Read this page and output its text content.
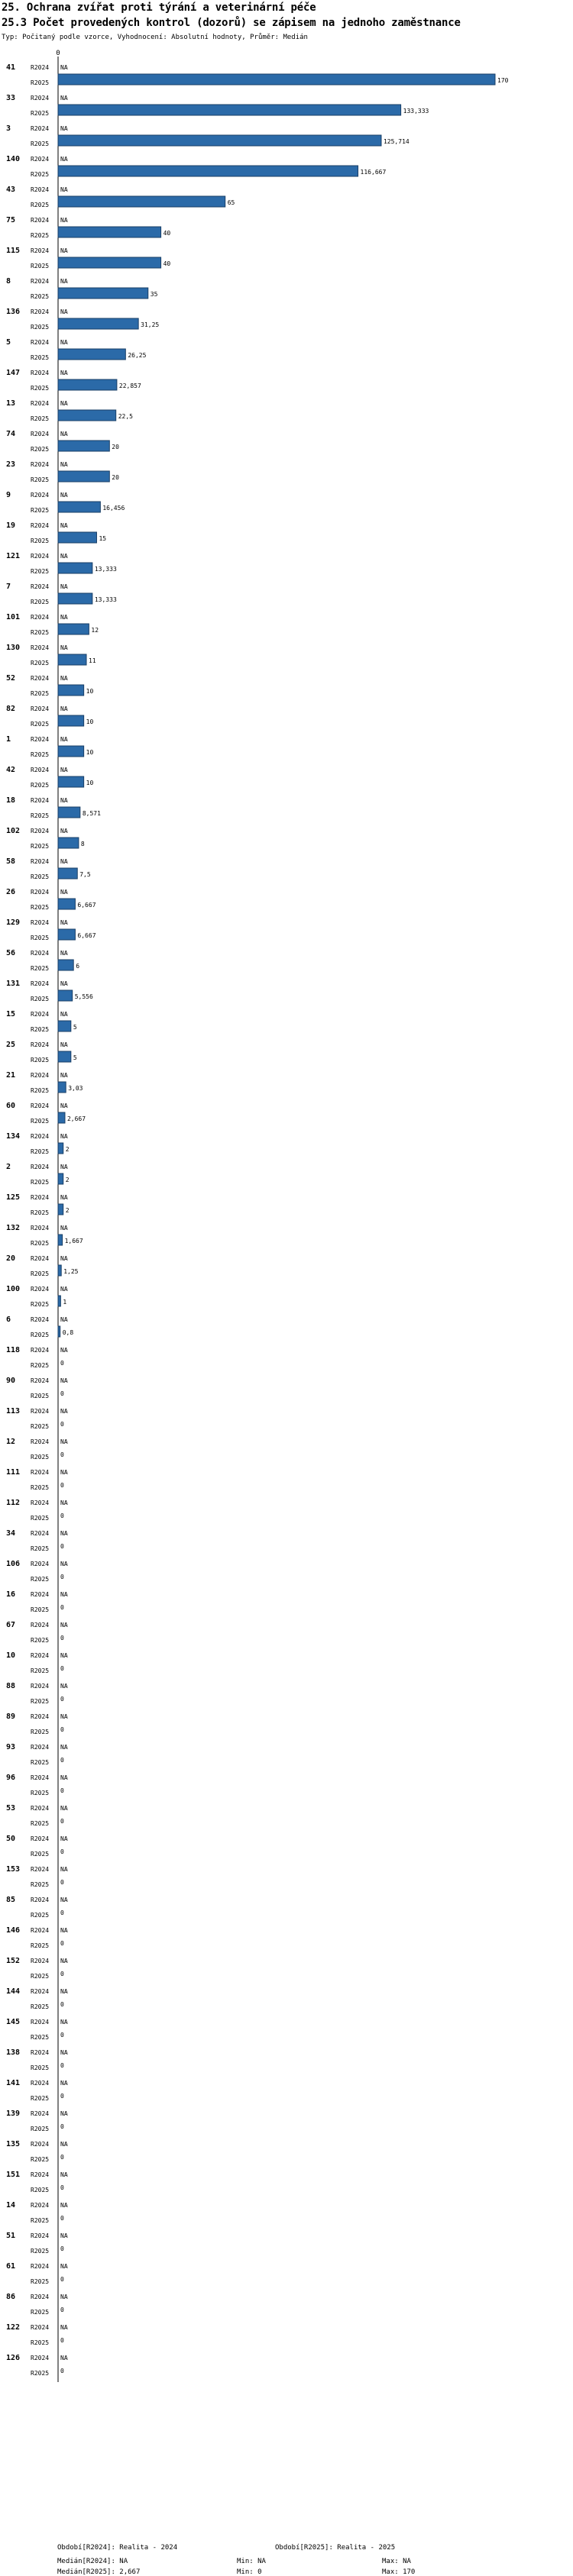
25. Ochrana zvířat proti týrání a veterinární péče
25.3 Počet provedených kontrol (dozorů) se zápisem na jednoho zaměstnance
Typ: Počitaný podle vzorce, Vyhodnocení: Absolutní hodnoty, Průměr: Medián
0
41 R2024
R2025
NA
170
33 R2024
R2025
NA
133,333
3	R2024
R2025
NA
125,714
140 R2024
R2025
NA
116,667
43 R2024
R2025
NA
65
75 R2024
R2025
NA
40
115 R2024
R2025
NA
40
8	R2024
R2025
NA
35
136 R2024
R2025
NA
31,25
5	R2024
R2025
NA
26,25
147 R2024
R2025
NA
22,857
13 R2024
R2025
NA
22,5
74 R2024
R2025
NA
20
23 R2024
R2025
NA
20
9	R2024
R2025
NA
16,456
19 R2024
R2025
NA
15
121 R2024
R2025
NA
13,333
7	R2024
R2025
NA
13,333
101 R2024
R2025
NA
12
130 R2024
R2025
NA
11
52 R2024
R2025
NA
10
82 R2024
R2025
NA
10
1	R2024
R2025
NA
10
42 R2024
R2025
NA
10
18 R2024
R2025
NA
8,571
102 R2024
R2025
NA
8
58 R2024
R2025
NA
7,5
26 R2024
R2025
NA
6,667
129 R2024
R2025
NA
6,667
56 R2024
R2025
NA
6
131 R2024
R2025
NA
5,556
15 R2024
R2025
NA
5
25 R2024
R2025
NA
5
21 R2024
R2025
NA
3,03
60 R2024
R2025
NA
2,667
134 R2024
R2025
NA
2
2	R2024
R2025
NA
2
125 R2024
R2025
NA
2
132 R2024
R2025
NA
1,667
20 R2024
R2025
NA
1,25
100 R2024
R2025
NA
1
6	R2024
R2025
NA
0,8
118 R2024
R2025
NA
0
90 R2024
R2025
NA
0
113 R2024
R2025
NA
0
12 R2024
R2025
NA
0
111 R2024
R2025
NA
0
112 R2024
R2025
NA
0
34 R2024
R2025
NA
0
106 R2024
R2025
NA
0
16 R2024
R2025
NA
0
67 R2024
R2025
NA
0
10 R2024
R2025
NA
0
88 R2024
R2025
NA
0
89 R2024
R2025
NA
0
93 R2024
R2025
NA
0
96 R2024
R2025
NA
0
53 R2024
R2025
NA
0
50 R2024
R2025
NA
0
153 R2024
R2025
NA
0
85 R2024
R2025
NA
0
146 R2024
R2025
NA
0
152 R2024
R2025
NA
0
144 R2024
R2025
NA
0
145 R2024
R2025
NA
0
138 R2024
R2025
NA
0
141 R2024
R2025
NA
0
139 R2024
R2025
NA
0
135 R2024
R2025
NA
0
151 R2024
R2025
NA
0
14 R2024
R2025
NA
0
51 R2024
R2025
NA
0
61 R2024
R2025
NA
0
86 R2024
R2025
NA
0
122 R2024
R2025
NA
0
126 R2024
R2025
NA
0
Období[R2024]: Realita - 2024	Období[R2025]: Realita - 2025
Medián[R2024]: NA	Min: NA	Max: NA
Medián[R2025]: 2,667	Min: 0	Max: 170
